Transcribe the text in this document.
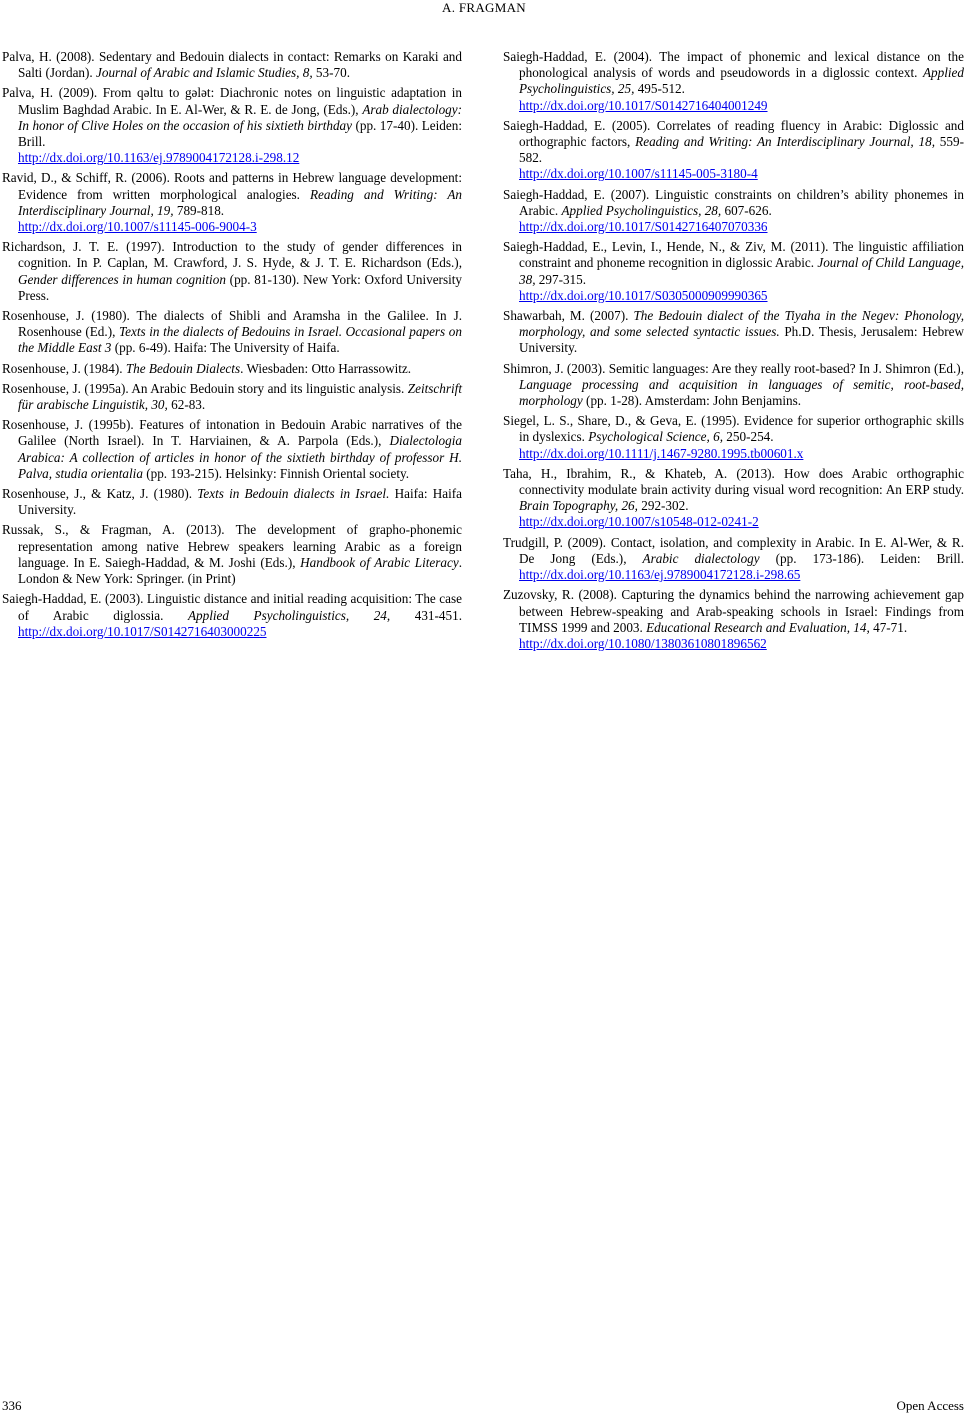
A. FRAGMAN

Palva, H. (2008). Sedentary and Bedouin dialects in contact: Remarks on Karaki and Salti (Jordan). Journal of Arabic and Islamic Studies, 8, 53-70.

Palva, H. (2009). From qəltu to gələt: Diachronic notes on linguistic adaptation in Muslim Baghdad Arabic. In E. Al-Wer, & R. E. de Jong, (Eds.), Arab dialectology: In honor of Clive Holes on the occasion of his sixtieth birthday (pp. 17-40). Leiden: Brill.
http://dx.doi.org/10.1163/ej.9789004172128.i-298.12

Ravid, D., & Schiff, R. (2006). Roots and patterns in Hebrew language development: Evidence from written morphological analogies. Reading and Writing: An Interdisciplinary Journal, 19, 789-818.
http://dx.doi.org/10.1007/s11145-006-9004-3

Richardson, J. T. E. (1997). Introduction to the study of gender differences in cognition. In P. Caplan, M. Crawford, J. S. Hyde, & J. T. E. Richardson (Eds.), Gender differences in human cognition (pp. 81-130). New York: Oxford University Press.

Rosenhouse, J. (1980). The dialects of Shibli and Aramsha in the Galilee. In J. Rosenhouse (Ed.), Texts in the dialects of Bedouins in Israel. Occasional papers on the Middle East 3 (pp. 6-49). Haifa: The University of Haifa.

Rosenhouse, J. (1984). The Bedouin Dialects. Wiesbaden: Otto Harrassowitz.

Rosenhouse, J. (1995a). An Arabic Bedouin story and its linguistic analysis. Zeitschrift für arabische Linguistik, 30, 62-83.

Rosenhouse, J. (1995b). Features of intonation in Bedouin Arabic narratives of the Galilee (North Israel). In T. Harviainen, & A. Parpola (Eds.), Dialectologia Arabica: A collection of articles in honor of the sixtieth birthday of professor H. Palva, studia orientalia (pp. 193-215). Helsinky: Finnish Oriental society.

Rosenhouse, J., & Katz, J. (1980). Texts in Bedouin dialects in Israel. Haifa: Haifa University.

Russak, S., & Fragman, A. (2013). The development of grapho-phonemic representation among native Hebrew speakers learning Arabic as a foreign language. In E. Saiegh-Haddad, & M. Joshi (Eds.), Handbook of Arabic Literacy. London & New York: Springer. (in Print)

Saiegh-Haddad, E. (2003). Linguistic distance and initial reading acquisition: The case of Arabic diglossia. Applied Psycholinguistics, 24, 431-451. http://dx.doi.org/10.1017/S0142716403000225

Saiegh-Haddad, E. (2004). The impact of phonemic and lexical distance on the phonological analysis of words and pseudowords in a diglossic context. Applied Psycholinguistics, 25, 495-512.
http://dx.doi.org/10.1017/S0142716404001249

Saiegh-Haddad, E. (2005). Correlates of reading fluency in Arabic: Diglossic and orthographic factors, Reading and Writing: An Interdisciplinary Journal, 18, 559-582.
http://dx.doi.org/10.1007/s11145-005-3180-4

Saiegh-Haddad, E. (2007). Linguistic constraints on children’s ability phonemes in Arabic. Applied Psycholinguistics, 28, 607-626.
http://dx.doi.org/10.1017/S0142716407070336

Saiegh-Haddad, E., Levin, I., Hende, N., & Ziv, M. (2011). The linguistic affiliation constraint and phoneme recognition in diglossic Arabic. Journal of Child Language, 38, 297-315.
http://dx.doi.org/10.1017/S0305000909990365

Shawarbah, M. (2007). The Bedouin dialect of the Tiyaha in the Negev: Phonology, morphology, and some selected syntactic issues. Ph.D. Thesis, Jerusalem: Hebrew University.

Shimron, J. (2003). Semitic languages: Are they really root-based? In J. Shimron (Ed.), Language processing and acquisition in languages of semitic, root-based, morphology (pp. 1-28). Amsterdam: John Benjamins.

Siegel, L. S., Share, D., & Geva, E. (1995). Evidence for superior orthographic skills in dyslexics. Psychological Science, 6, 250-254.
http://dx.doi.org/10.1111/j.1467-9280.1995.tb00601.x

Taha, H., Ibrahim, R., & Khateb, A. (2013). How does Arabic orthographic connectivity modulate brain activity during visual word recognition: An ERP study. Brain Topography, 26, 292-302.
http://dx.doi.org/10.1007/s10548-012-0241-2

Trudgill, P. (2009). Contact, isolation, and complexity in Arabic. In E. Al-Wer, & R. De Jong (Eds.), Arabic dialectology (pp. 173-186). Leiden: Brill. http://dx.doi.org/10.1163/ej.9789004172128.i-298.65

Zuzovsky, R. (2008). Capturing the dynamics behind the narrowing achievement gap between Hebrew-speaking and Arab-speaking schools in Israel: Findings from TIMSS 1999 and 2003. Educational Research and Evaluation, 14, 47-71.
http://dx.doi.org/10.1080/13803610801896562

336	Open Access
